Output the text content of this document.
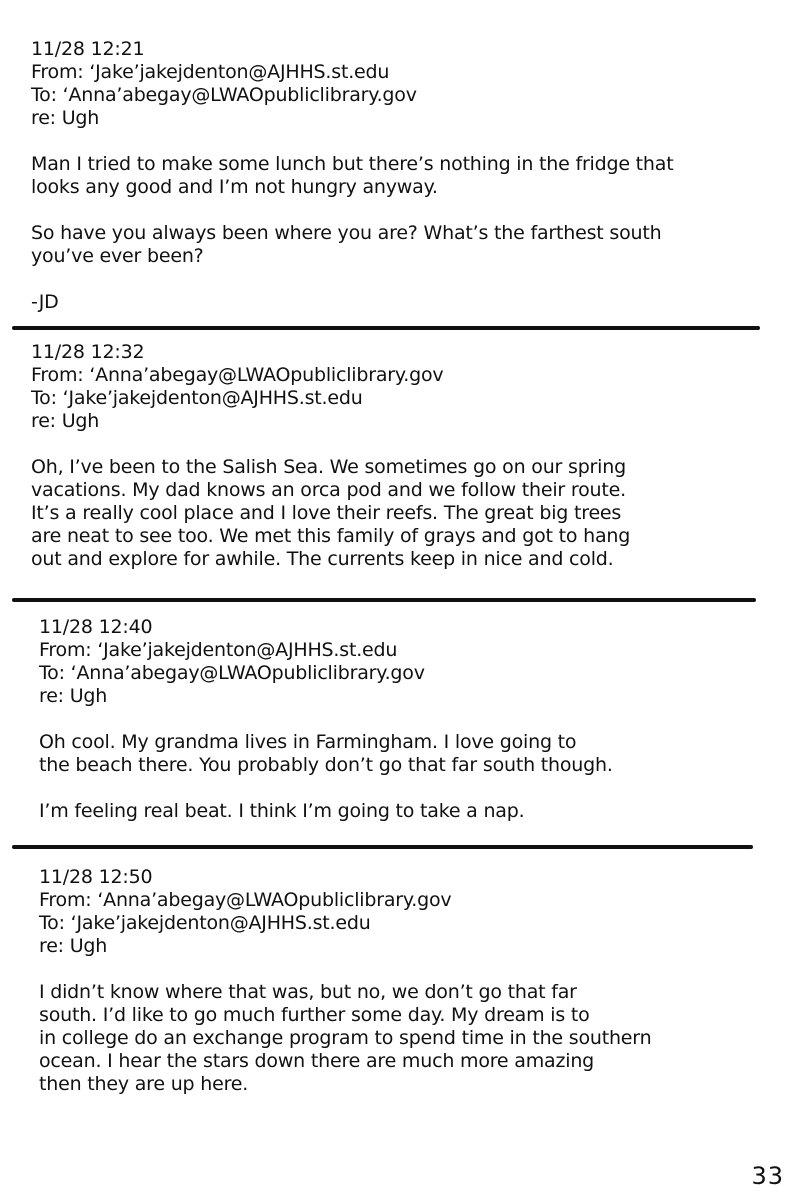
11/28 12:21
From: ‘Jake’jakejdenton@AJHHS.st.edu
To: ‘Anna’abegay@LWAOpubliclibrary.gov
re: Ugh
Man I tried to make some lunch but there’s nothing in the fridge that
looks any good and I’m not hungry anyway.
So have you always been where you are? What’s the farthest south
you’ve ever been?
-JD
11/28 12:32
From: ‘Anna’abegay@LWAOpubliclibrary.gov
To: ‘Jake’jakejdenton@AJHHS.st.edu
re: Ugh
Oh, I’ve been to the Salish Sea. We sometimes go on our spring
vacations. My dad knows an orca pod and we follow their route.
It’s a really cool place and I love their reefs. The great big trees
are neat to see too. We met this family of grays and got to hang
out and explore for awhile. The currents keep in nice and cold.
11/28 12:40
From: ‘Jake’jakejdenton@AJHHS.st.edu
To: ‘Anna’abegay@LWAOpubliclibrary.gov
re: Ugh
Oh cool. My grandma lives in Farmingham. I love going to
the beach there. You probably don’t go that far south though.
I’m feeling real beat. I think I’m going to take a nap.
11/28 12:50
From: ‘Anna’abegay@LWAOpubliclibrary.gov
To: ‘Jake’jakejdenton@AJHHS.st.edu
re: Ugh
I didn’t know where that was, but no, we don’t go that far
south. I’d like to go much further some day. My dream is to
in college do an exchange program to spend time in the southern
ocean. I hear the stars down there are much more amazing
then they are up here.
33
